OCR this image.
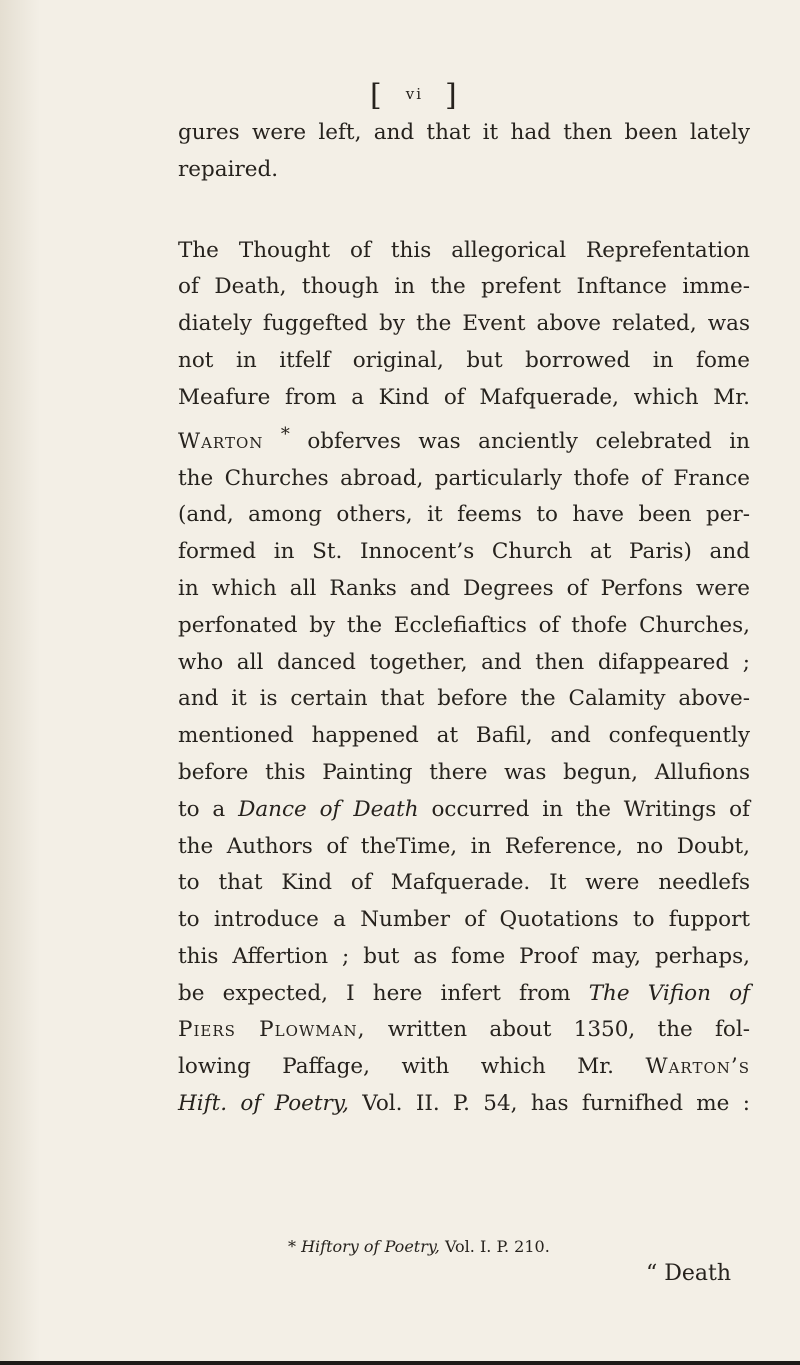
[ $^{vi}$ ]
gures were left, and that it had then been lately
repaired.
The Thought of this allegorical Reprefentation
of Death, though in the prefent Inftance imme-
diately fuggefted by the Event above related, was
not in itfelf original, but borrowed in fome
Meafure from a Kind of Mafquerade, which Mr.
Warton * obferves was anciently celebrated in
the Churches abroad, particularly thofe of France
(and, among others, it feems to have been per-
formed in St. Innocent’s Church at Paris) and
in which all Ranks and Degrees of Perfons were
perfonated by the Ecclefiaftics of thofe Churches,
who all danced together, and then difappeared ;
and it is certain that before the Calamity above-
mentioned happened at Bafil, and confequently
before this Painting there was begun, Allufions
to a Dance of Death occurred in the Writings of
the Authors of theTime, in Reference, no Doubt,
to that Kind of Mafquerade. It were needlefs
to introduce a Number of Quotations to fupport
this Affertion ; but as fome Proof may, perhaps,
be expected, I here infert from The Vifion of
Piers Plowman, written about 1350, the fol-
lowing Paffage, with which Mr. Warton’s
Hift. of Poetry, Vol. II. P. 54, has furnifhed me :
* Hiftory of Poetry, Vol. I. P. 210.
“ Death
